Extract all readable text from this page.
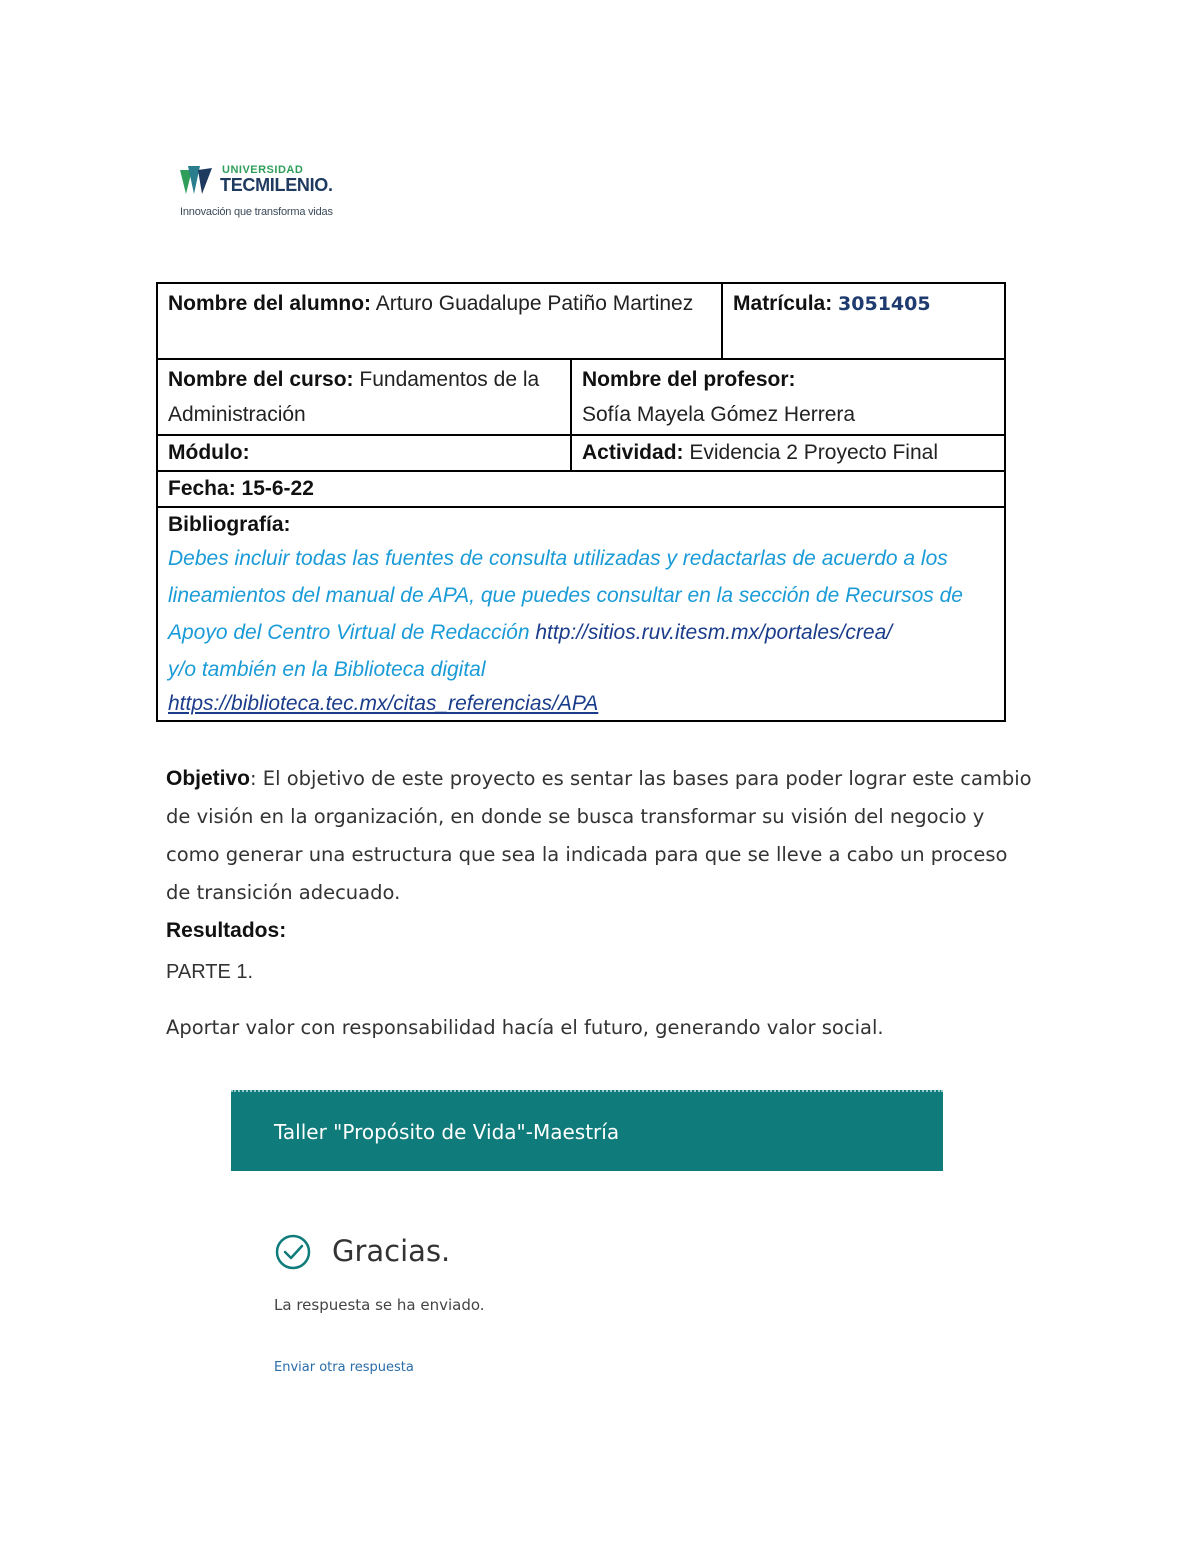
UNIVERSIDAD
TECMILENIO.
Innovación que transforma vidas
Nombre del alumno: Arturo Guadalupe Patiño Martinez		Matrícula: 3051405
Nombre del curso: Fundamentos de la Administración	Nombre del profesor:
Sofía Mayela Gómez Herrera	

Módulo:	Actividad: Evidencia 2 Proyecto Final	
Fecha: 15-6-22		

Bibliografía:
Debes incluir todas las fuentes de consulta utilizadas y redactarlas de acuerdo a los lineamientos del manual de APA, que puedes consultar en la sección de Recursos de Apoyo del Centro Virtual de Redacción http://sitios.ruv.itesm.mx/portales/crea/
y/o también en la Biblioteca digital
https://biblioteca.tec.mx/citas_referencias/APA		
Objetivo: El objetivo de este proyecto es sentar las bases para poder lograr este cambio de visión en la organización, en donde se busca transformar su visión del negocio y como generar una estructura que sea la indicada para que se lleve a cabo un proceso de transición adecuado.
Resultados:
PARTE 1.
Aportar valor con responsabilidad hacía el futuro, generando valor social.
Taller "Propósito de Vida"-Maestría
Gracias.
La respuesta se ha enviado.
Enviar otra respuesta
